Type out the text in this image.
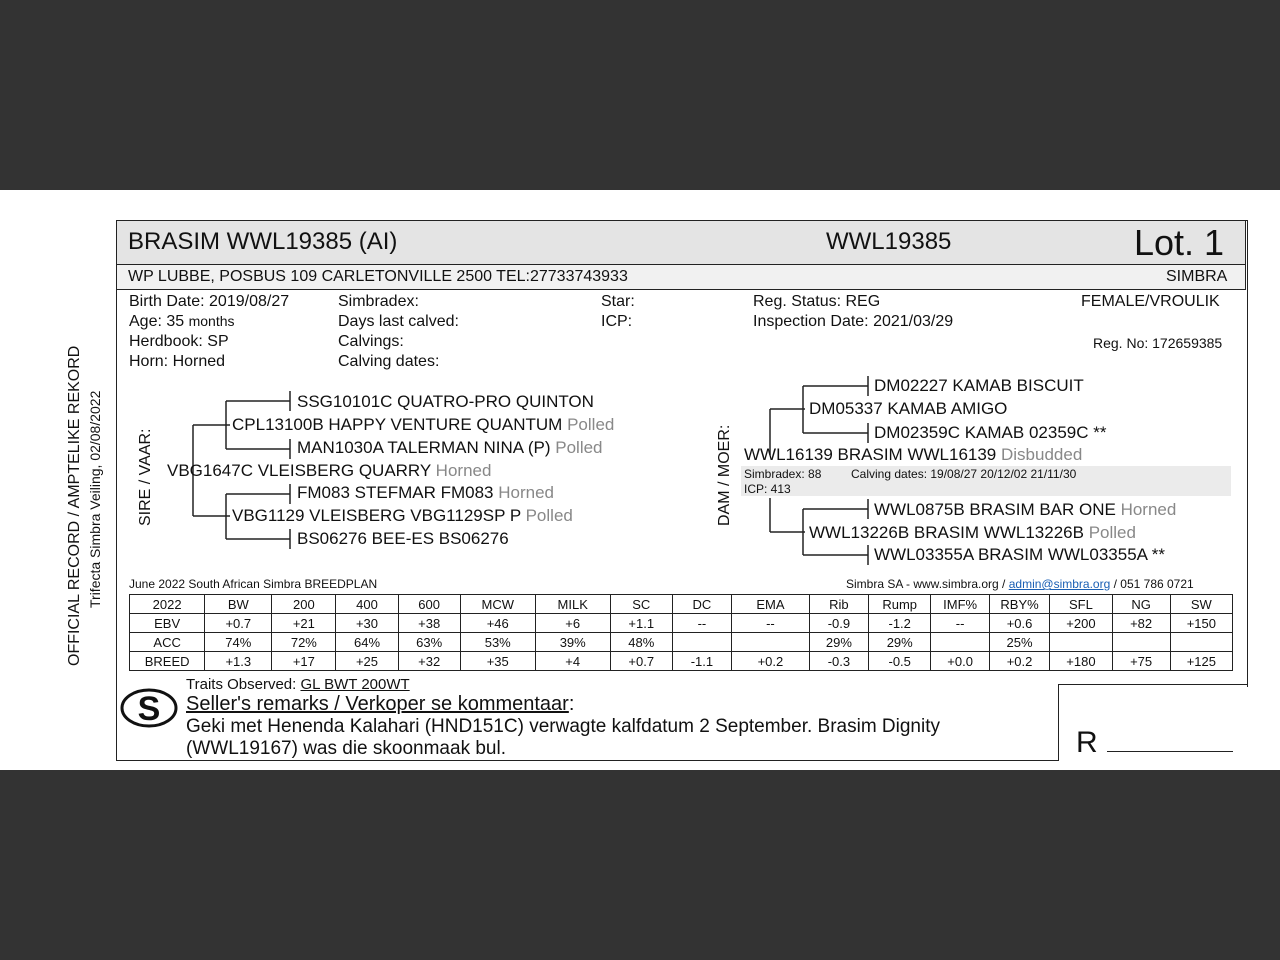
OFFICIAL RECORD / AMPTELIKE REKORD Trifecta Simbra Veiling, 02/08/2022
BRASIM WWL19385 (AI)	WWL19385	Lot. 1
WP LUBBE, POSBUS 109 CARLETONVILLE 2500 TEL:27733743933	SIMBRA
Birth Date: 2019/08/27
Age: 35 months
Herdbook: SP
Horn: Horned
Simbradex:
Days last calved:
Calvings:
Calving dates:
Star:
ICP:
Reg. Status: REG
Inspection Date: 2021/03/29
FEMALE/VROULIK
Reg. No: 172659385
SIRE / VAAR:
SSG10101C QUATRO-PRO QUINTON
CPL13100B HAPPY VENTURE QUANTUM Polled
MAN1030A TALERMAN NINA (P) Polled
VBG1647C VLEISBERG QUARRY Horned
FM083 STEFMAR FM083 Horned
VBG1129 VLEISBERG VBG1129SP P Polled
BS06276 BEE-ES BS06276
DAM / MOER:
DM02227 KAMAB BISCUIT
DM05337 KAMAB AMIGO
DM02359C KAMAB 02359C **
WWL16139 BRASIM WWL16139 Disbudded
Simbradex: 88 Calving dates: 19/08/27 20/12/02 21/11/30
ICP: 413
WWL0875B BRASIM BAR ONE Horned
WWL13226B BRASIM WWL13226B Polled
WWL03355A BRASIM WWL03355A **
June 2022 South African Simbra BREEDPLAN	Simbra SA - www.simbra.org / admin@simbra.org / 051 786 0721
2022	BW	200	400	600	MCW	MILK	SC	DC	EMA	Rib	Rump	IMF%	RBY%	SFL	NG	SW
EBV	+0.7	+21	+30	+38	+46	+6	+1.1	--	--	-0.9	-1.2	--	+0.6	+200	+82	+150
ACC	74%	72%	64%	63%	53%	39%	48%			29%	29%		25%			
BREED	+1.3	+17	+25	+32	+35	+4	+0.7	-1.1	+0.2	-0.3	-0.5	+0.0	+0.2	+180	+75	+125
S
Traits Observed: GL BWT 200WT
Seller's remarks / Verkoper se kommentaar:
Geki met Henenda Kalahari (HND151C) verwagte kalfdatum 2 September. Brasim Dignity
(WWL19167) was die skoonmaak bul.	R
